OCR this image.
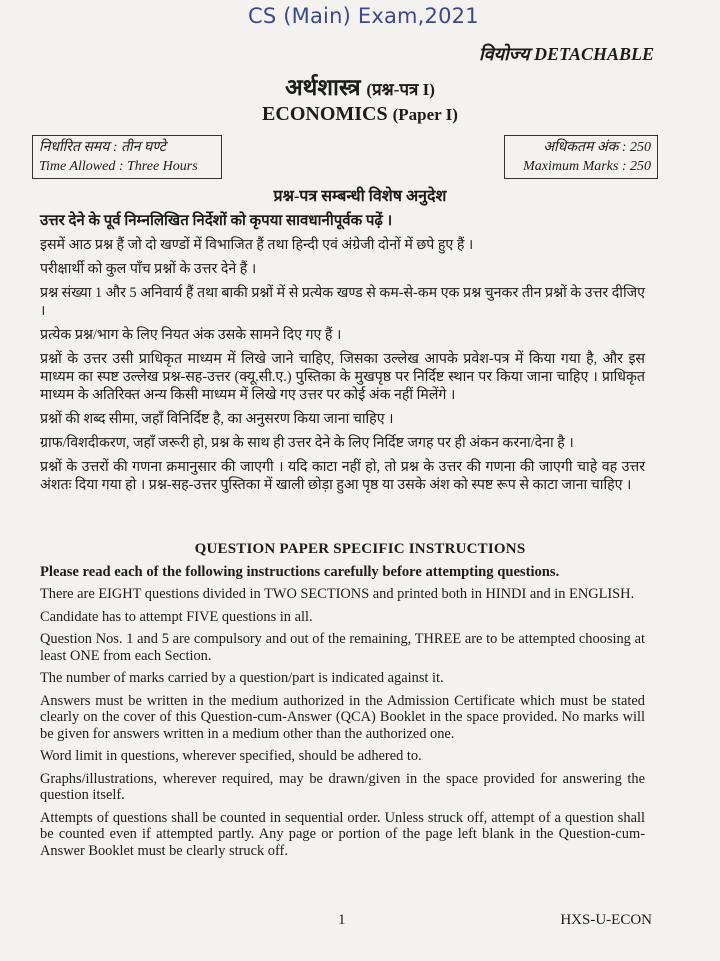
CS (Main) Exam,2021
वियोज्य DETACHABLE
अर्थशास्त्र (प्रश्न-पत्र I)
ECONOMICS (Paper I)
निर्धारित समय : तीन घण्टे
Time Allowed : Three Hours
अधिकतम अंक : 250
Maximum Marks : 250
प्रश्न-पत्र सम्बन्धी विशेष अनुदेश

उत्तर देने के पूर्व निम्नलिखित निर्देशों को कृपया सावधानीपूर्वक पढ़ें ।

इसमें आठ प्रश्न हैं जो दो खण्डों में विभाजित हैं तथा हिन्दी एवं अंग्रेजी दोनों में छपे हुए हैं ।

परीक्षार्थी को कुल पाँच प्रश्नों के उत्तर देने हैं ।

प्रश्न संख्या 1 और 5 अनिवार्य हैं तथा बाकी प्रश्नों में से प्रत्येक खण्ड से कम-से-कम एक प्रश्न चुनकर तीन प्रश्नों के उत्तर दीजिए ।

प्रत्येक प्रश्न/भाग के लिए नियत अंक उसके सामने दिए गए हैं ।

प्रश्नों के उत्तर उसी प्राधिकृत माध्यम में लिखे जाने चाहिए, जिसका उल्लेख आपके प्रवेश-पत्र में किया गया है, और इस माध्यम का स्पष्ट उल्लेख प्रश्न-सह-उत्तर (क्यू.सी.ए.) पुस्तिका के मुखपृष्ठ पर निर्दिष्ट स्थान पर किया जाना चाहिए । प्राधिकृत माध्यम के अतिरिक्त अन्य किसी माध्यम में लिखे गए उत्तर पर कोई अंक नहीं मिलेंगे ।

प्रश्नों की शब्द सीमा, जहाँ विनिर्दिष्ट है, का अनुसरण किया जाना चाहिए ।

ग्राफ/विशदीकरण, जहाँ जरूरी हो, प्रश्न के साथ ही उत्तर देने के लिए निर्दिष्ट जगह पर ही अंकन करना/देना है ।

प्रश्नों के उत्तरों की गणना क्रमानुसार की जाएगी । यदि काटा नहीं हो, तो प्रश्न के उत्तर की गणना की जाएगी चाहे वह उत्तर अंशतः दिया गया हो । प्रश्न-सह-उत्तर पुस्तिका में खाली छोड़ा हुआ पृष्ठ या उसके अंश को स्पष्ट रूप से काटा जाना चाहिए ।

QUESTION PAPER SPECIFIC INSTRUCTIONS
Please read each of the following instructions carefully before attempting questions.

There are EIGHT questions divided in TWO SECTIONS and printed both in HINDI and in ENGLISH.

Candidate has to attempt FIVE questions in all.

Question Nos. 1 and 5 are compulsory and out of the remaining, THREE are to be attempted choosing at least ONE from each Section.

The number of marks carried by a question/part is indicated against it.

Answers must be written in the medium authorized in the Admission Certificate which must be stated clearly on the cover of this Question-cum-Answer (QCA) Booklet in the space provided. No marks will be given for answers written in a medium other than the authorized one.

Word limit in questions, wherever specified, should be adhered to.

Graphs/illustrations, wherever required, may be drawn/given in the space provided for answering the question itself.

Attempts of questions shall be counted in sequential order. Unless struck off, attempt of a question shall be counted even if attempted partly. Any page or portion of the page left blank in the Question-cum-Answer Booklet must be clearly struck off.

1	HXS-U-ECON
